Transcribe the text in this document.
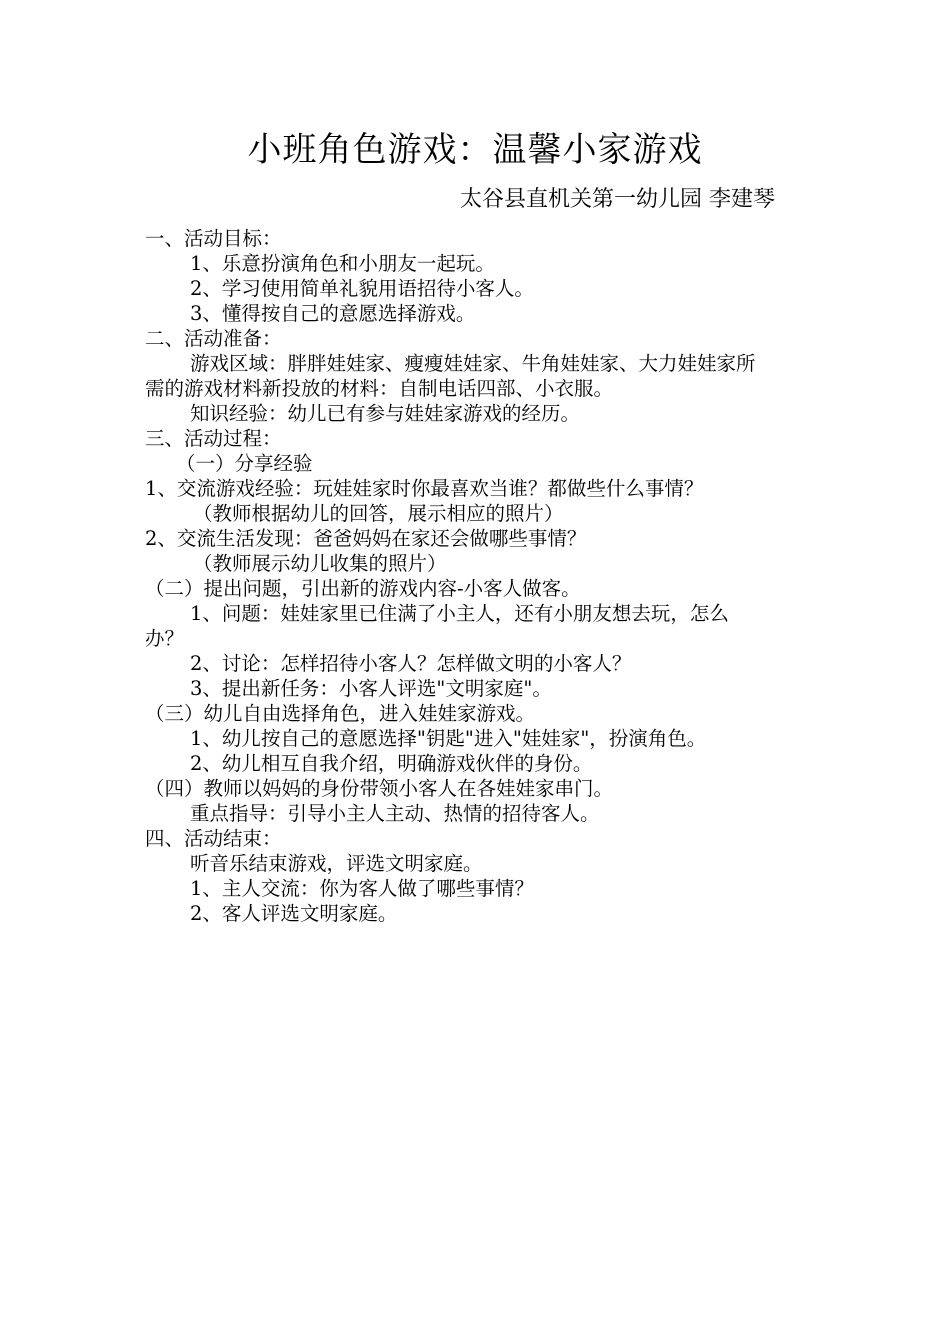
小班角色游戏：温馨小家游戏
太谷县直机关第一幼儿园 李建琴
一、活动目标：
1、乐意扮演角色和小朋友一起玩。
2、学习使用简单礼貌用语招待小客人。
3、懂得按自己的意愿选择游戏。
二、活动准备：
游戏区域：胖胖娃娃家、瘦瘦娃娃家、牛角娃娃家、大力娃娃家所
需的游戏材料新投放的材料：自制电话四部、小衣服。
知识经验：幼儿已有参与娃娃家游戏的经历。
三、活动过程：
（一）分享经验
1、交流游戏经验：玩娃娃家时你最喜欢当谁？都做些什么事情？
（教师根据幼儿的回答，展示相应的照片）
2、交流生活发现：爸爸妈妈在家还会做哪些事情？
（教师展示幼儿收集的照片）
（二）提出问题，引出新的游戏内容-小客人做客。
1、问题：娃娃家里已住满了小主人，还有小朋友想去玩，怎么
办？
2、讨论：怎样招待小客人？怎样做文明的小客人？
3、提出新任务：小客人评选"文明家庭"。
（三）幼儿自由选择角色，进入娃娃家游戏。
1、幼儿按自己的意愿选择"钥匙"进入"娃娃家"，扮演角色。
2、幼儿相互自我介绍，明确游戏伙伴的身份。
（四）教师以妈妈的身份带领小客人在各娃娃家串门。
重点指导：引导小主人主动、热情的招待客人。
四、活动结束：
听音乐结束游戏，评选文明家庭。
1、主人交流：你为客人做了哪些事情？
2、客人评选文明家庭。
